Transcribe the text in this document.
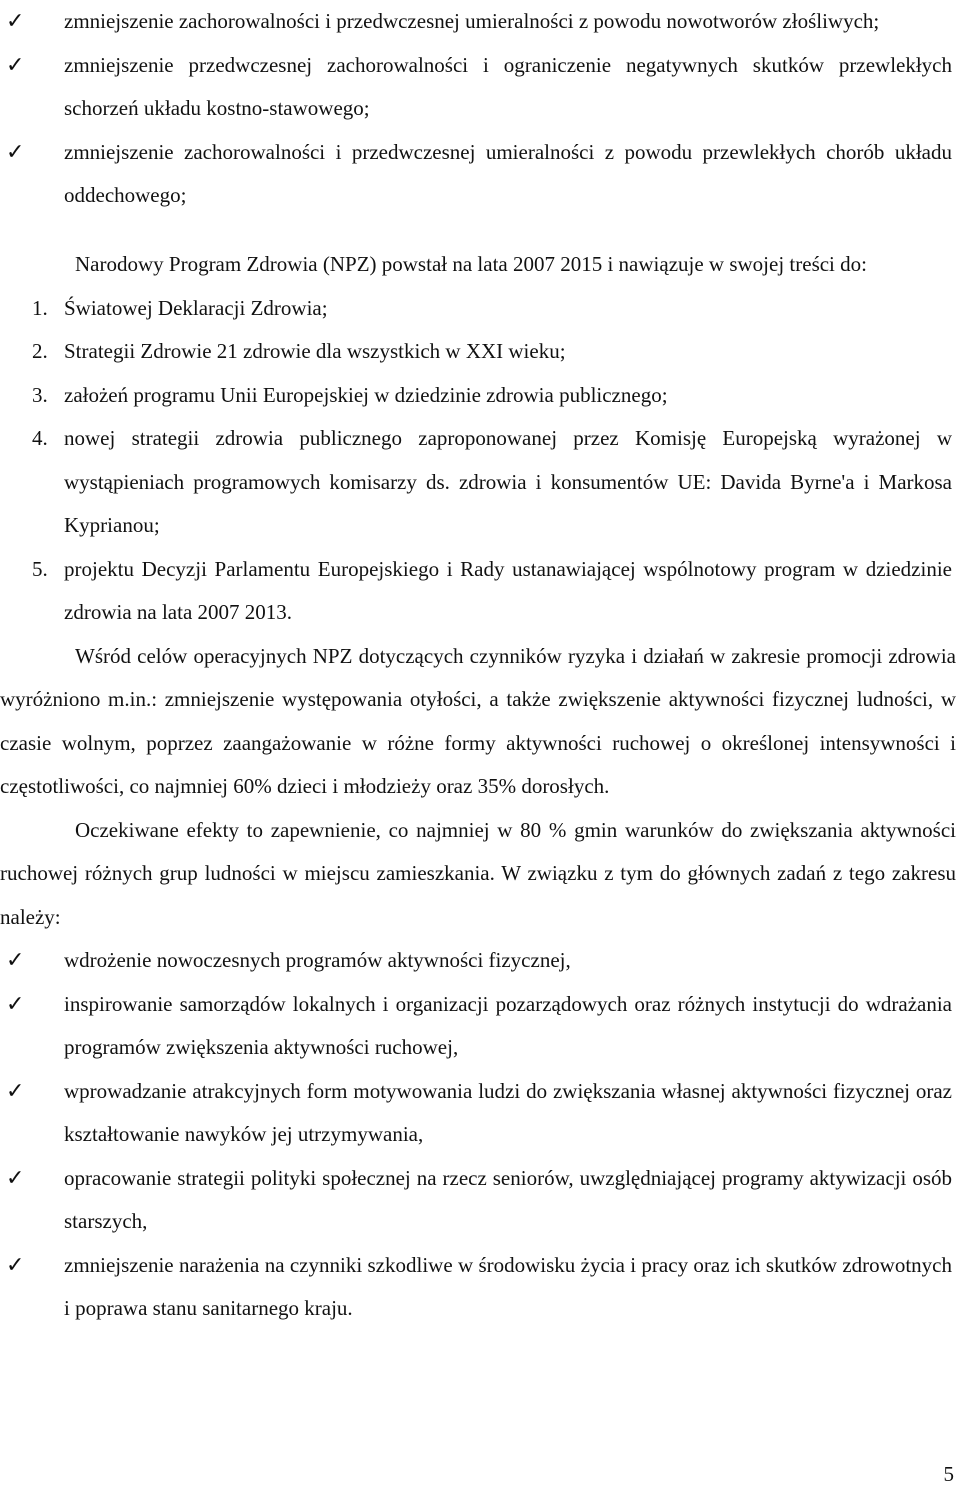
✓ zmniejszenie zachorowalności i przedwczesnej umieralności z powodu nowotworów złośliwych;
✓ zmniejszenie przedwczesnej zachorowalności i ograniczenie negatywnych skutków przewlekłych schorzeń układu kostno-stawowego;
✓ zmniejszenie zachorowalności i przedwczesnej umieralności z powodu przewlekłych chorób układu oddechowego;

Narodowy Program Zdrowia (NPZ) powstał na lata 2007 2015 i nawiązuje w swojej treści do:

1. Światowej Deklaracji Zdrowia;
2. Strategii Zdrowie 21 zdrowie dla wszystkich w XXI wieku;
3. założeń programu Unii Europejskiej w dziedzinie zdrowia publicznego;
4. nowej strategii zdrowia publicznego zaproponowanej przez Komisję Europejską wyrażonej w wystąpieniach programowych komisarzy ds. zdrowia i konsumentów UE: Davida Byrne'a i Markosa Kyprianou;
5. projektu Decyzji Parlamentu Europejskiego i Rady ustanawiającej wspólnotowy program w dziedzinie zdrowia na lata 2007 2013.

Wśród celów operacyjnych NPZ dotyczących czynników ryzyka i działań w zakresie promocji zdrowia wyróżniono m.in.: zmniejszenie występowania otyłości, a także zwiększenie aktywności fizycznej ludności, w czasie wolnym, poprzez zaangażowanie w różne formy aktywności ruchowej o określonej intensywności i częstotliwości, co najmniej 60% dzieci i młodzieży oraz 35% dorosłych.

Oczekiwane efekty to zapewnienie, co najmniej w 80 % gmin warunków do zwiększania aktywności ruchowej różnych grup ludności w miejscu zamieszkania. W związku z tym do głównych zadań z tego zakresu należy:

✓ wdrożenie nowoczesnych programów aktywności fizycznej,
✓ inspirowanie samorządów lokalnych i organizacji pozarządowych oraz różnych instytucji do wdrażania programów zwiększenia aktywności ruchowej,
✓ wprowadzanie atrakcyjnych form motywowania ludzi do zwiększania własnej aktywności fizycznej oraz kształtowanie nawyków jej utrzymywania,
✓ opracowanie strategii polityki społecznej na rzecz seniorów, uwzględniającej programy aktywizacji osób starszych,
✓ zmniejszenie narażenia na czynniki szkodliwe w środowisku życia i pracy oraz ich skutków zdrowotnych i poprawa stanu sanitarnego kraju.
5
